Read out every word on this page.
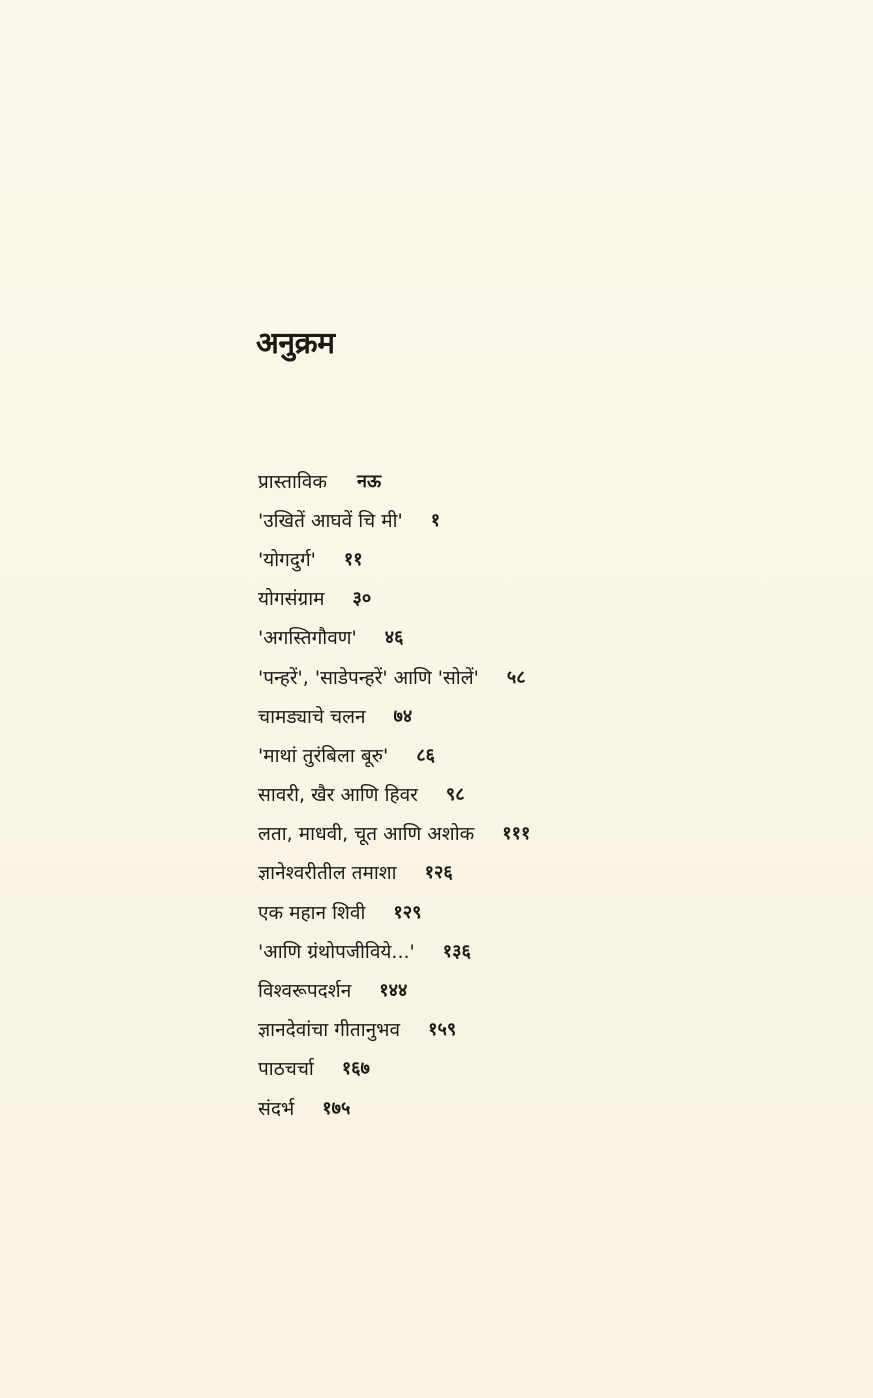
अनुक्रम
प्रास्ताविक नऊ
'उखितें आघवें चि मी' १
'योगदुर्ग' ११
योगसंग्राम ३०
'अगस्तिगौवण' ४६
'पन्हरें', 'साडेपन्हरें' आणि 'सोलें' ५८
चामड्याचे चलन ७४
'माथां तुरंबिला बूरु' ८६
सावरी, खैर आणि हिवर ९८
लता, माधवी, चूत आणि अशोक १११
ज्ञानेश्वरीतील तमाशा १२६
एक महान शिवी १२९
'आणि ग्रंथोपजीविये...' १३६
विश्वरूपदर्शन १४४
ज्ञानदेवांचा गीतानुभव १५९
पाठचर्चा १६७
संदर्भ १७५
